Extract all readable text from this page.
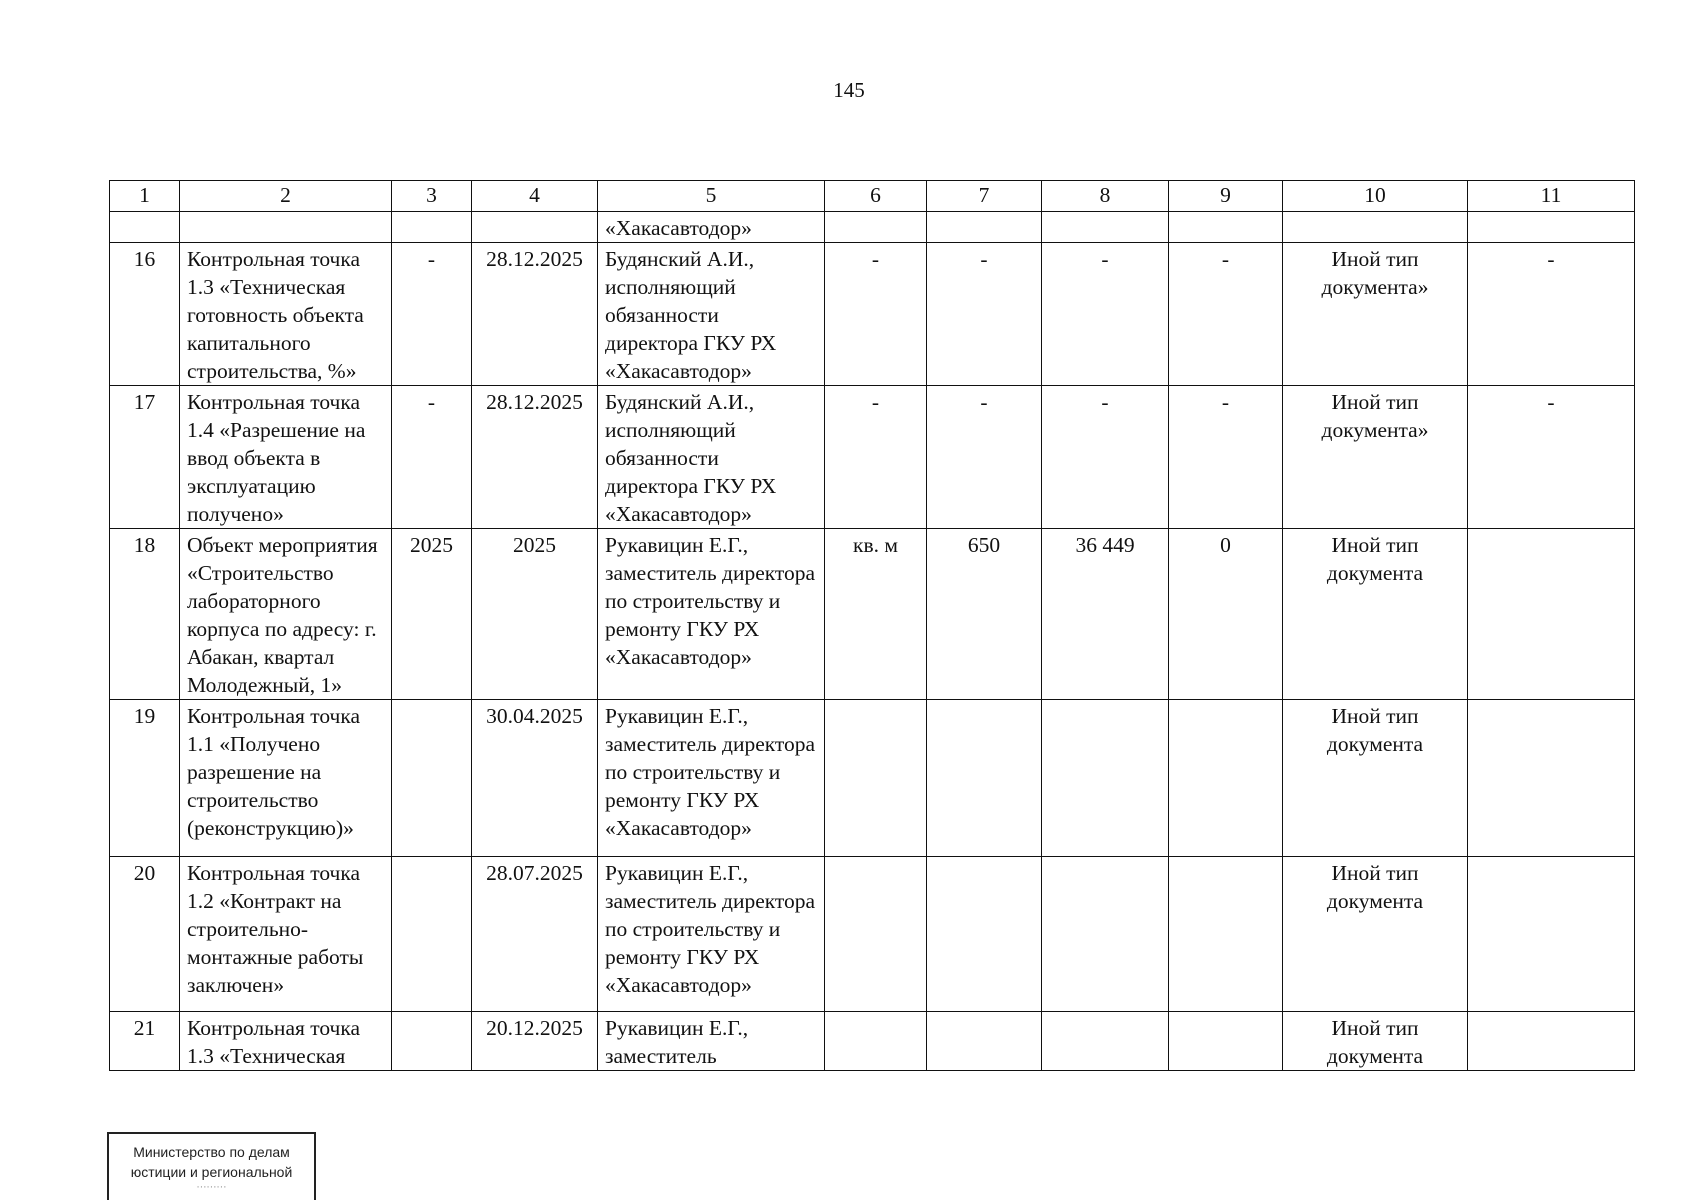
145
1	2	3	4	5	6	7	8	9	10	11
				«Хакасавтодор»						
16	Контрольная точка 1.3 «Техническая готовность объекта капитального строительства, %»	-	28.12.2025	Будянский А.И., исполняющий обязанности директора ГКУ РХ «Хакасавтодор»	-	-	-	-	Иной тип документа»	-
17	Контрольная точка 1.4 «Разрешение на ввод объекта в эксплуатацию получено»	-	28.12.2025	Будянский А.И., исполняющий обязанности директора ГКУ РХ «Хакасавтодор»	-	-	-	-	Иной тип документа»	-
18	Объект мероприятия «Строительство лабораторного корпуса по адресу: г. Абакан, квартал Молодежный, 1»	2025	2025	Рукавицин Е.Г., заместитель директора по строительству и ремонту ГКУ РХ «Хакасавтодор»	кв. м	650	36 449	0	Иной тип документа	
19	Контрольная точка 1.1 «Получено разрешение на строительство (реконструкцию)»		30.04.2025	Рукавицин Е.Г., заместитель директора по строительству и ремонту ГКУ РХ «Хакасавтодор»					Иной тип документа	
20	Контрольная точка 1.2 «Контракт на строительно-монтажные работы заключен»		28.07.2025	Рукавицин Е.Г., заместитель директора по строительству и ремонту ГКУ РХ «Хакасавтодор»					Иной тип документа	
21	Контрольная точка 1.3 «Техническая		20.12.2025	Рукавицин Е.Г., заместитель					Иной тип документа	
Министерство по делам
юстиции и региональной
⋯⋯⋯
